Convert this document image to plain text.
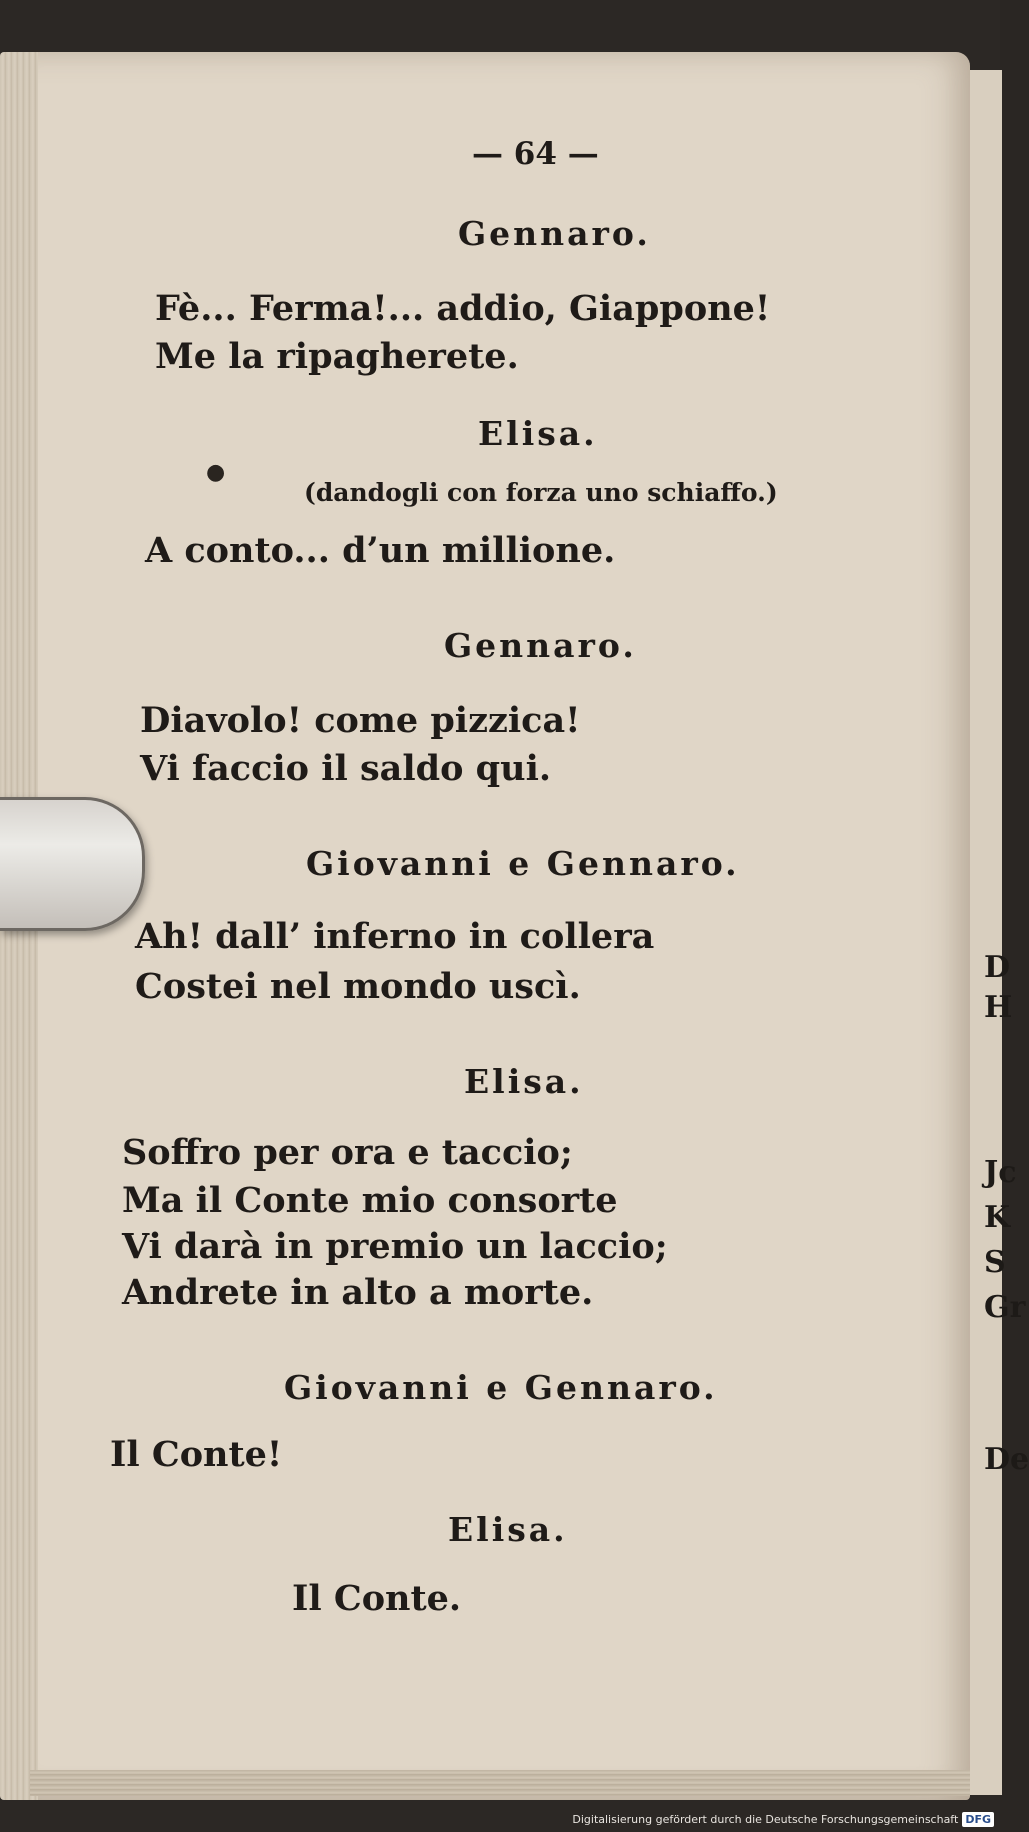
D
H
Jc
K
S
Gr
De
●

— 64 —

Gennaro.

Fè... Ferma!... addio, Giappone!

Me la ripagherete.

Elisa.

(dandogli con forza uno schiaffo.)

A conto... d’un millione.

Gennaro.

Diavolo! come pizzica!

Vi faccio il saldo qui.

Giovanni e Gennaro.

Ah! dall’ inferno in collera

Costei nel mondo uscì.

Elisa.

Soffro per ora e taccio;

Ma il Conte mio consorte

Vi darà in premio un laccio;

Andrete in alto a morte.

Giovanni e Gennaro.

Il Conte!

Elisa.

Il Conte.

Digitalisierung gefördert durch die Deutsche Forschungsgemeinschaft DFG
